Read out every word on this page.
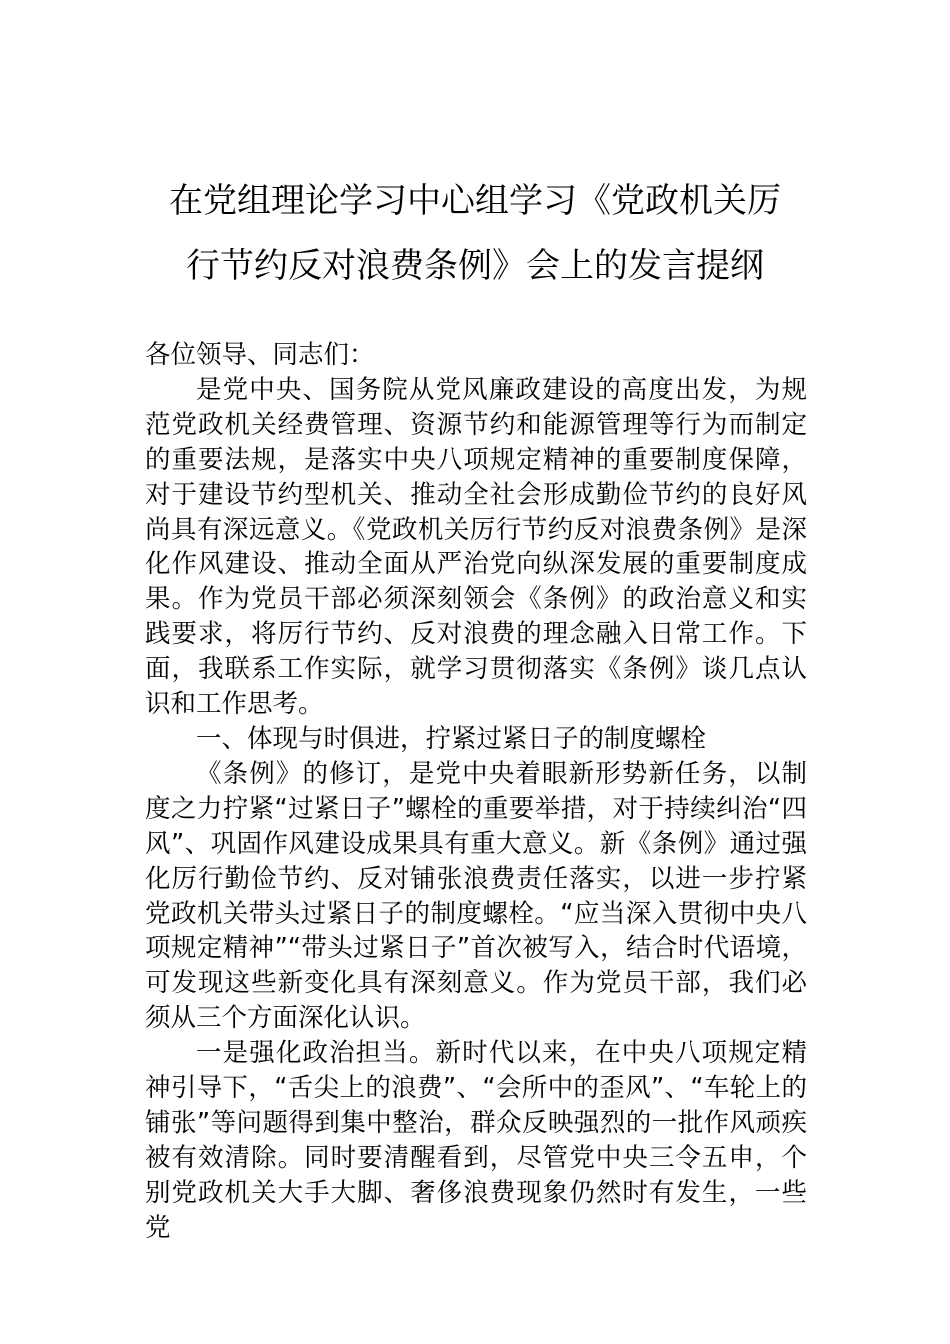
在党组理论学习中心组学习《党政机关厉
行节约反对浪费条例》会上的发言提纲

各位领导、同志们：

是党中央、国务院从党风廉政建设的高度出发，为规范党政机关经费管理、资源节约和能源管理等行为而制定的重要法规，是落实中央八项规定精神的重要制度保障，对于建设节约型机关、推动全社会形成勤俭节约的良好风尚具有深远意义。《党政机关厉行节约反对浪费条例》是深化作风建设、推动全面从严治党向纵深发展的重要制度成果。作为党员干部必须深刻领会《条例》的政治意义和实践要求，将厉行节约、反对浪费的理念融入日常工作。下面，我联系工作实际，就学习贯彻落实《条例》谈几点认识和工作思考。

一、体现与时俱进，拧紧过紧日子的制度螺栓

《条例》的修订，是党中央着眼新形势新任务，以制度之力拧紧“过紧日子”螺栓的重要举措，对于持续纠治“四风”、巩固作风建设成果具有重大意义。新《条例》通过强化厉行勤俭节约、反对铺张浪费责任落实，以进一步拧紧党政机关带头过紧日子的制度螺栓。“应当深入贯彻中央八项规定精神”“带头过紧日子”首次被写入，结合时代语境，可发现这些新变化具有深刻意义。作为党员干部，我们必须从三个方面深化认识。

一是强化政治担当。新时代以来，在中央八项规定精神引导下，“舌尖上的浪费”、“会所中的歪风”、“车轮上的铺张”等问题得到集中整治，群众反映强烈的一批作风顽疾被有效清除。同时要清醒看到，尽管党中央三令五申，个别党政机关大手大脚、奢侈浪费现象仍然时有发生，一些党
